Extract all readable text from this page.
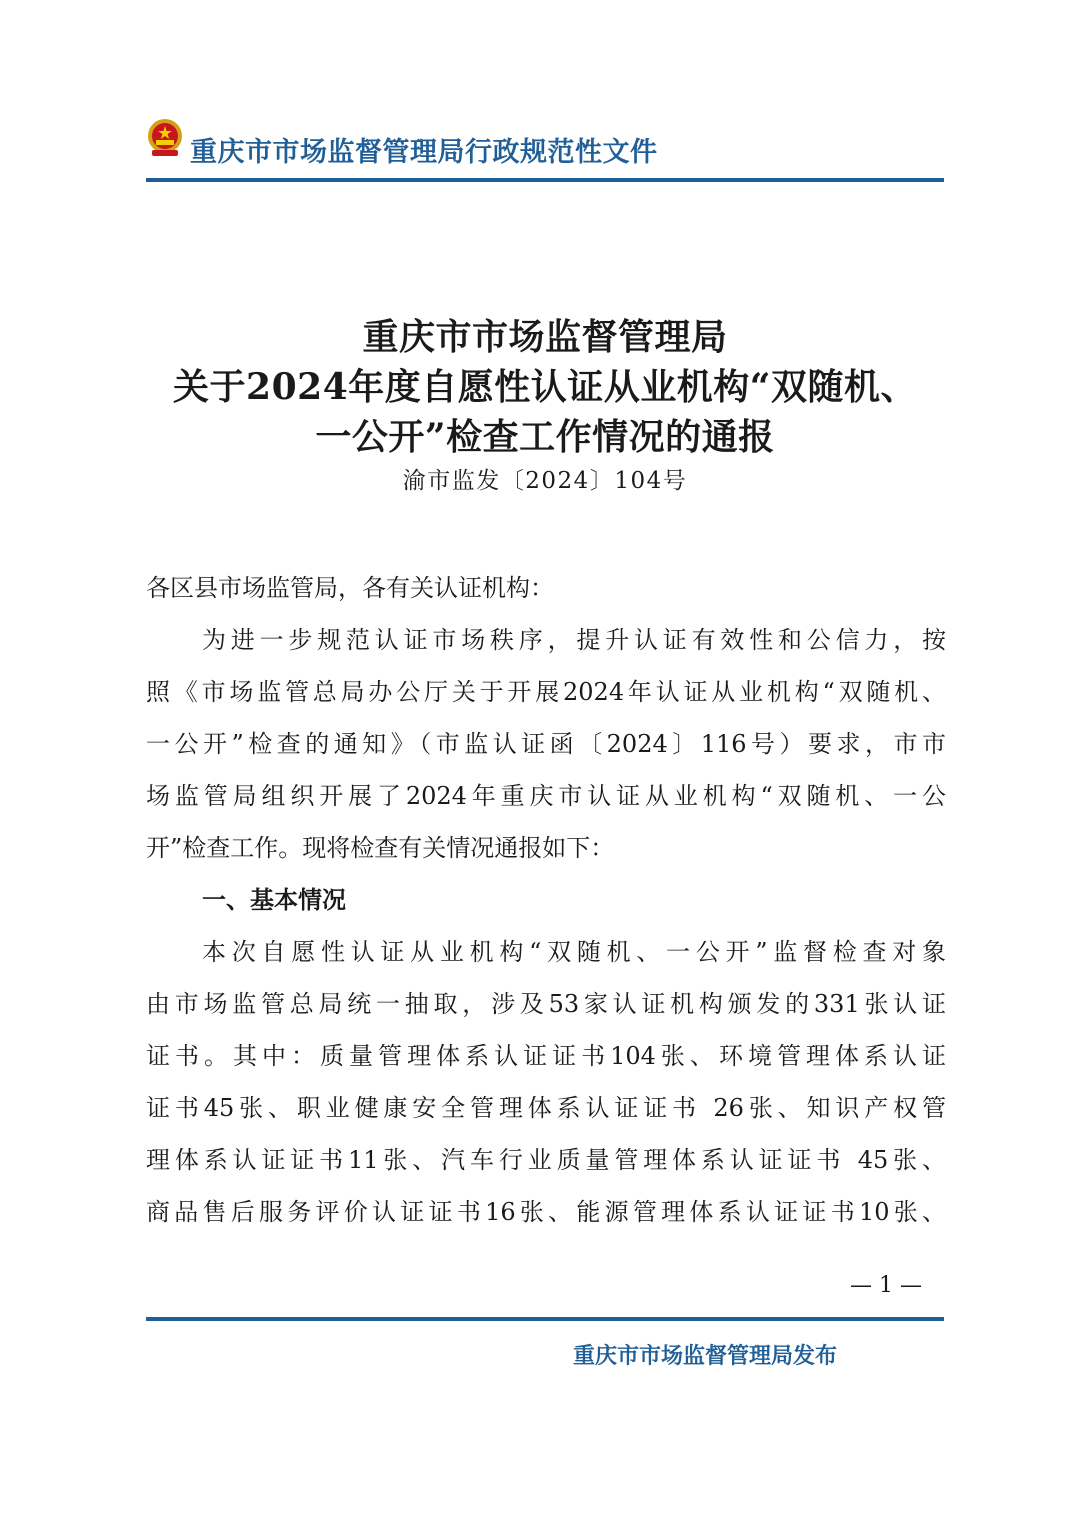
重庆市市场监督管理局行政规范性文件
重庆市市场监督管理局
关于2024年度自愿性认证从业机构“双随机、
一公开”检查工作情况的通报
渝市监发〔2024〕104号
各区县市场监管局，各有关认证机构：
为进一步规范认证市场秩序，提升认证有效性和公信力，按
照《市场监管总局办公厅关于开展2024年认证从业机构“双随机、
一公开”检查的通知》（市监认证函〔2024〕116号）要求，市市
场监管局组织开展了2024年重庆市认证从业机构“双随机、一公
开”检查工作。现将检查有关情况通报如下：
一、基本情况
本次自愿性认证从业机构“双随机、一公开”监督检查对象
由市场监管总局统一抽取，涉及53家认证机构颁发的331张认证
证书。其中：质量管理体系认证证书104张、环境管理体系认证
证书45张、职业健康安全管理体系认证证书 26张、知识产权管
理体系认证证书11张、汽车行业质量管理体系认证证书 45张、
商品售后服务评价认证证书16张、能源管理体系认证证书10张、
— 1 —
重庆市市场监督管理局发布
